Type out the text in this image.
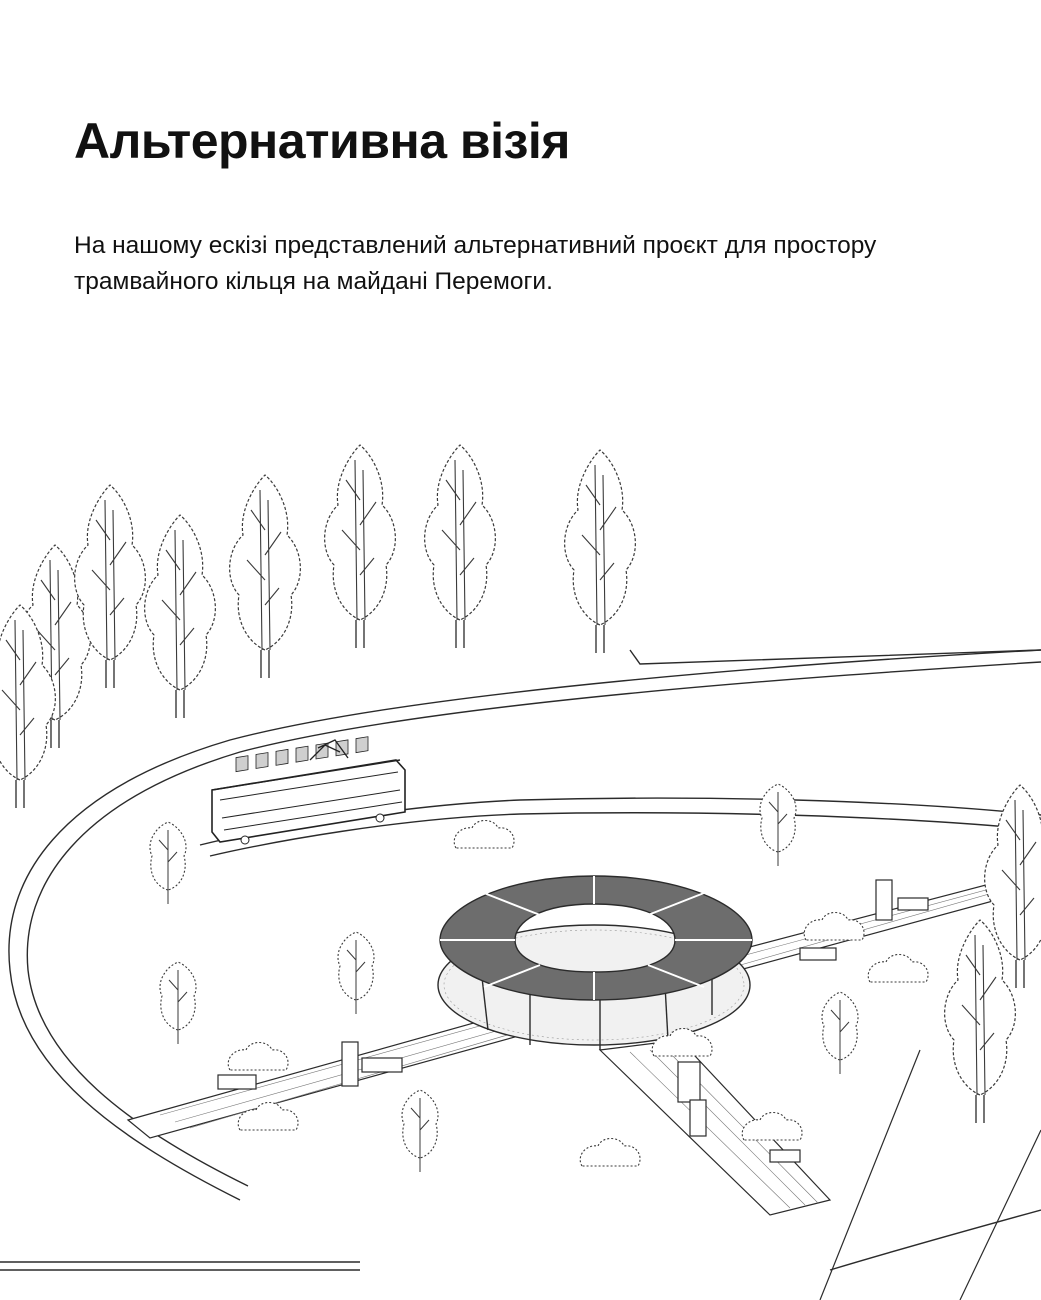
Альтернативна візія

На нашому ескізі представлений альтернативний проєкт для простору трамвайного кільця на майдані Перемоги.
